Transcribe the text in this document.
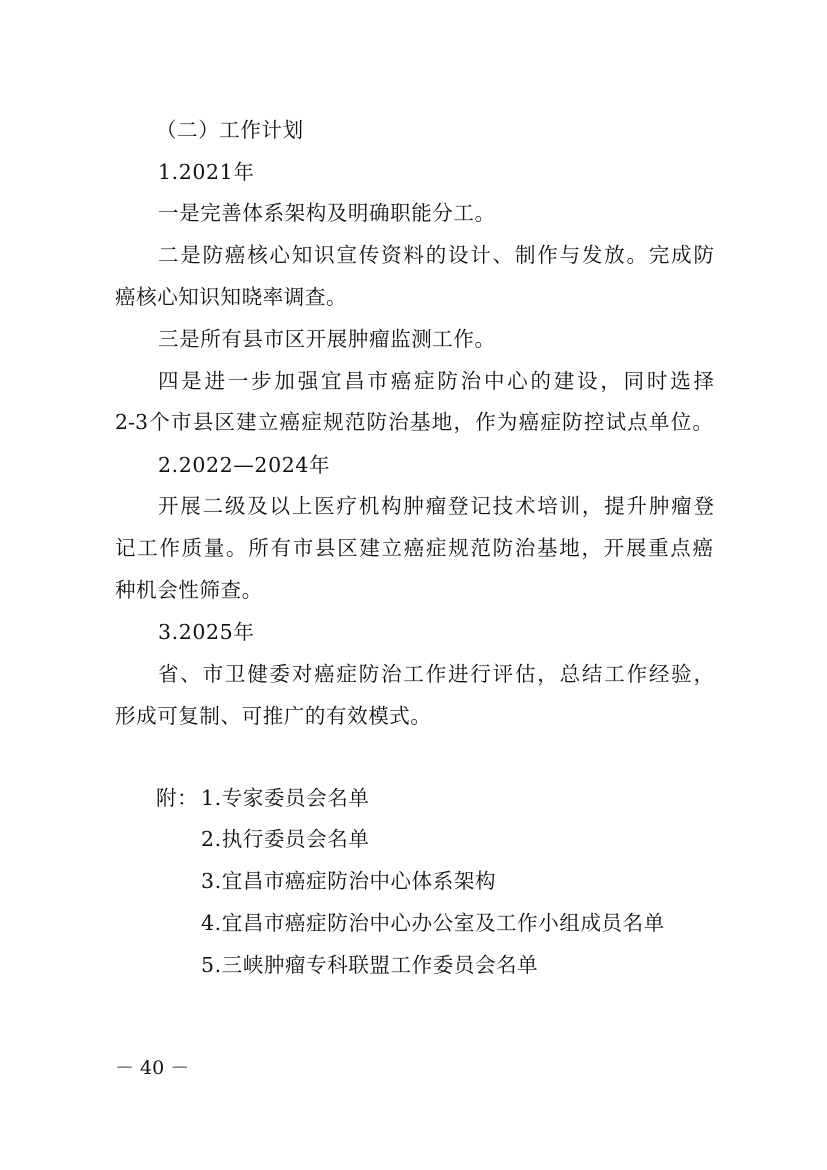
（二）工作计划
1.2021年
一是完善体系架构及明确职能分工。
二是防癌核心知识宣传资料的设计、制作与发放。完成防
癌核心知识知晓率调查。
三是所有县市区开展肿瘤监测工作。
四是进一步加强宜昌市癌症防治中心的建设，同时选择
2-3个市县区建立癌症规范防治基地，作为癌症防控试点单位。
2.2022—2024年
开展二级及以上医疗机构肿瘤登记技术培训，提升肿瘤登
记工作质量。所有市县区建立癌症规范防治基地，开展重点癌
种机会性筛查。
3.2025年
省、市卫健委对癌症防治工作进行评估，总结工作经验，
形成可复制、可推广的有效模式。
附： 1.专家委员会名单
2.执行委员会名单
3.宜昌市癌症防治中心体系架构
4.宜昌市癌症防治中心办公室及工作小组成员名单
5.三峡肿瘤专科联盟工作委员会名单
－ 40 －
